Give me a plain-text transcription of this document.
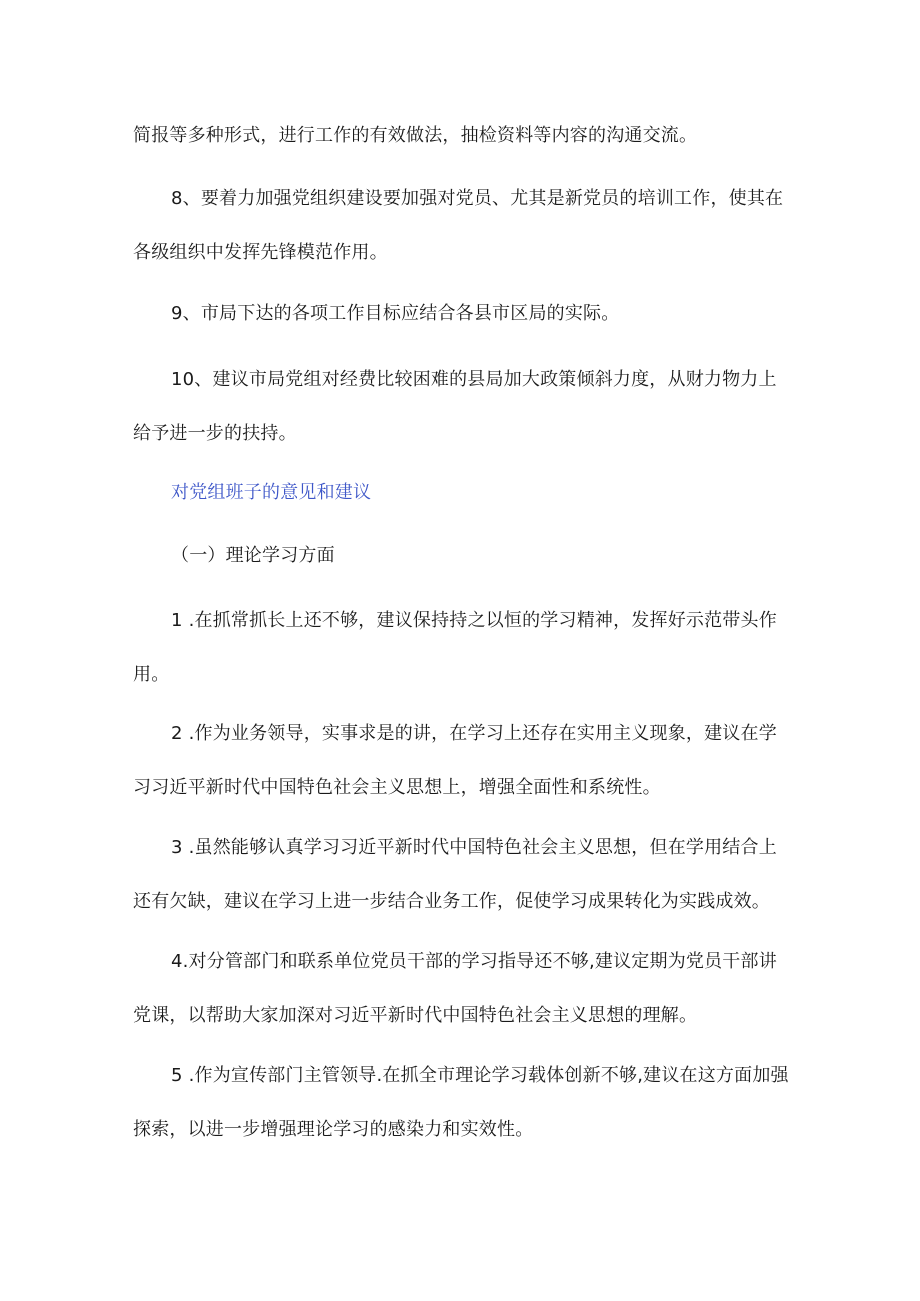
简报等多种形式，进行工作的有效做法，抽检资料等内容的沟通交流。

8、要着力加强党组织建设要加强对党员、尤其是新党员的培训工作，使其在各级组织中发挥先锋模范作用。

9、市局下达的各项工作目标应结合各县市区局的实际。

10、建议市局党组对经费比较困难的县局加大政策倾斜力度，从财力物力上给予进一步的扶持。

对党组班子的意见和建议

（一）理论学习方面

1 .在抓常抓长上还不够，建议保持持之以恒的学习精神，发挥好示范带头作用。

2 .作为业务领导，实事求是的讲，在学习上还存在实用主义现象，建议在学习习近平新时代中国特色社会主义思想上，增强全面性和系统性。

3 .虽然能够认真学习习近平新时代中国特色社会主义思想，但在学用结合上还有欠缺，建议在学习上进一步结合业务工作，促使学习成果转化为实践成效。

4.对分管部门和联系单位党员干部的学习指导还不够,建议定期为党员干部讲党课，以帮助大家加深对习近平新时代中国特色社会主义思想的理解。

5 .作为宣传部门主管领导.在抓全市理论学习载体创新不够,建议在这方面加强探索，以进一步增强理论学习的感染力和实效性。
